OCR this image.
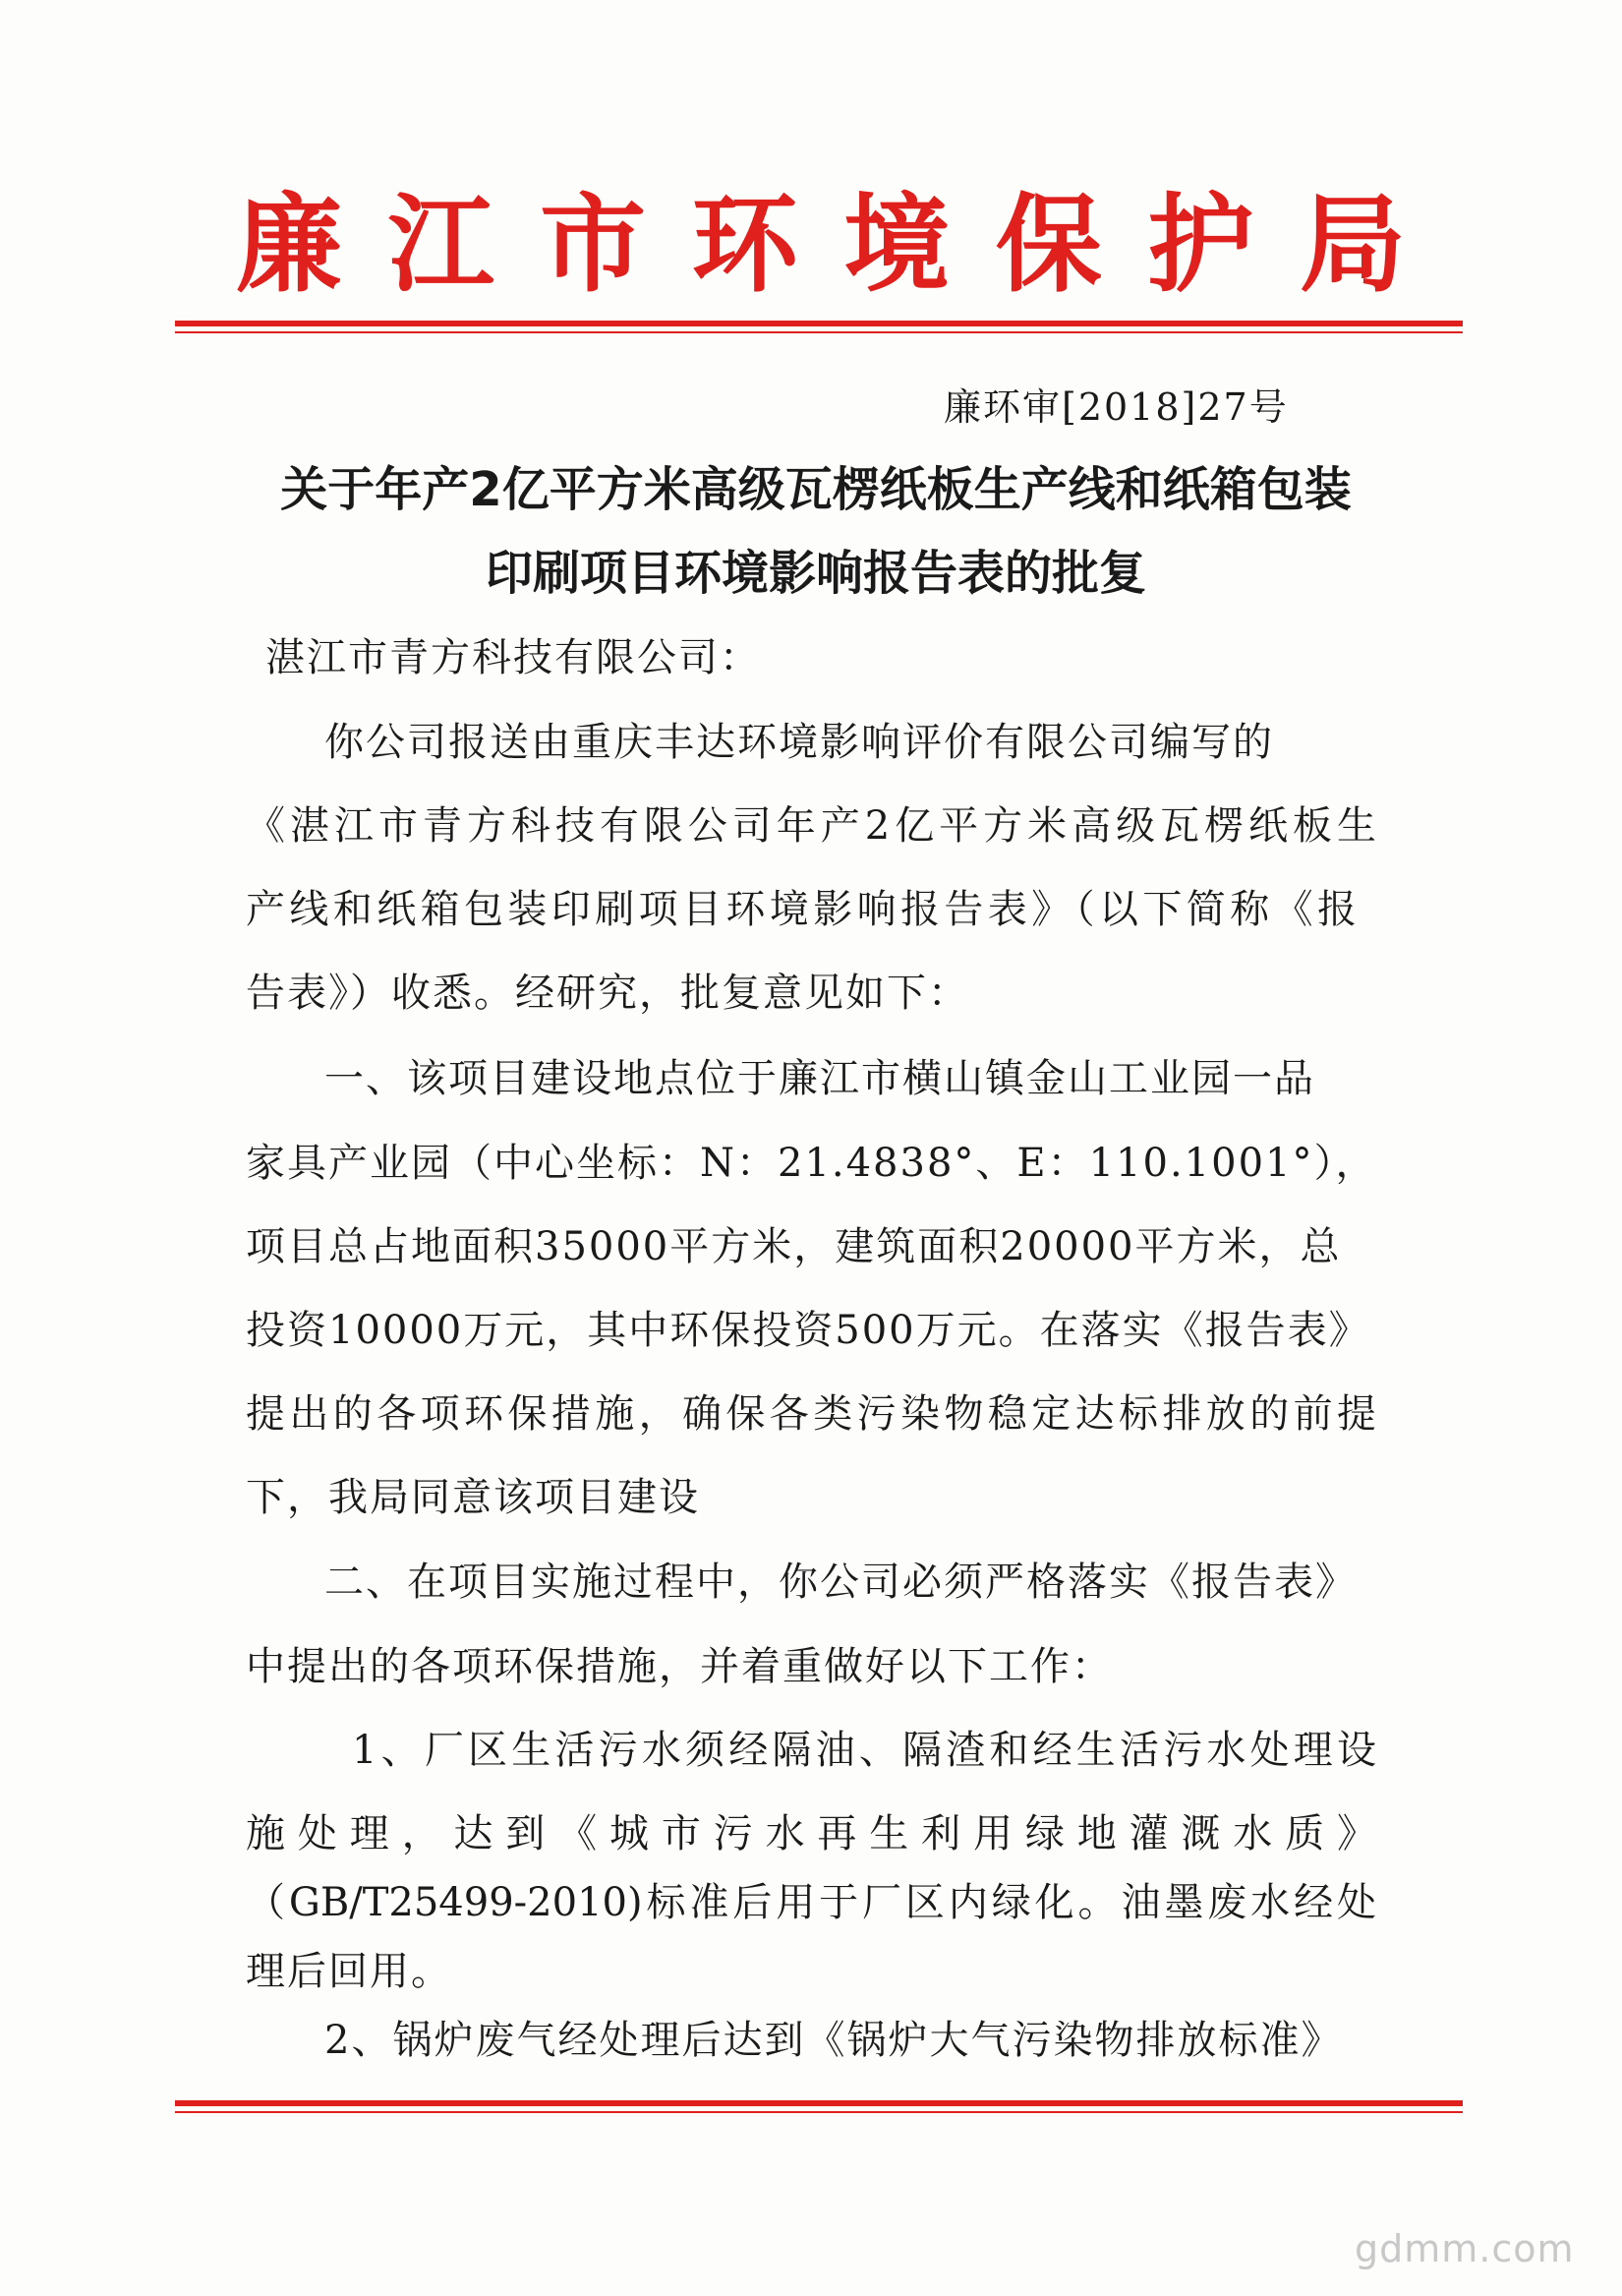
廉 江 市 环 境 保 护 局
廉环审[2018]27号
关于年产2亿平方米高级瓦楞纸板生产线和纸箱包装
印刷项目环境影响报告表的批复
湛江市青方科技有限公司：
你公司报送由重庆丰达环境影响评价有限公司编写的
《湛江市青方科技有限公司年产2亿平方米高级瓦楞纸板生
产线和纸箱包装印刷项目环境影响报告表》（以下简称《报
告表》）收悉。经研究，批复意见如下：
一、该项目建设地点位于廉江市横山镇金山工业园一品
家具产业园（中心坐标：N：21.4838°、E：110.1001°），
项目总占地面积35000平方米，建筑面积20000平方米，总
投资10000万元，其中环保投资500万元。在落实《报告表》
提出的各项环保措施，确保各类污染物稳定达标排放的前提
下，我局同意该项目建设
二、在项目实施过程中，你公司必须严格落实《报告表》
中提出的各项环保措施，并着重做好以下工作：
1、厂区生活污水须经隔油、隔渣和经生活污水处理设
施处理，达到《城市污水再生利用绿地灌溉水质》
（GB/T25499-2010)标准后用于厂区内绿化。油墨废水经处
理后回用。
2、锅炉废气经处理后达到《锅炉大气污染物排放标准》
gdmm.com
